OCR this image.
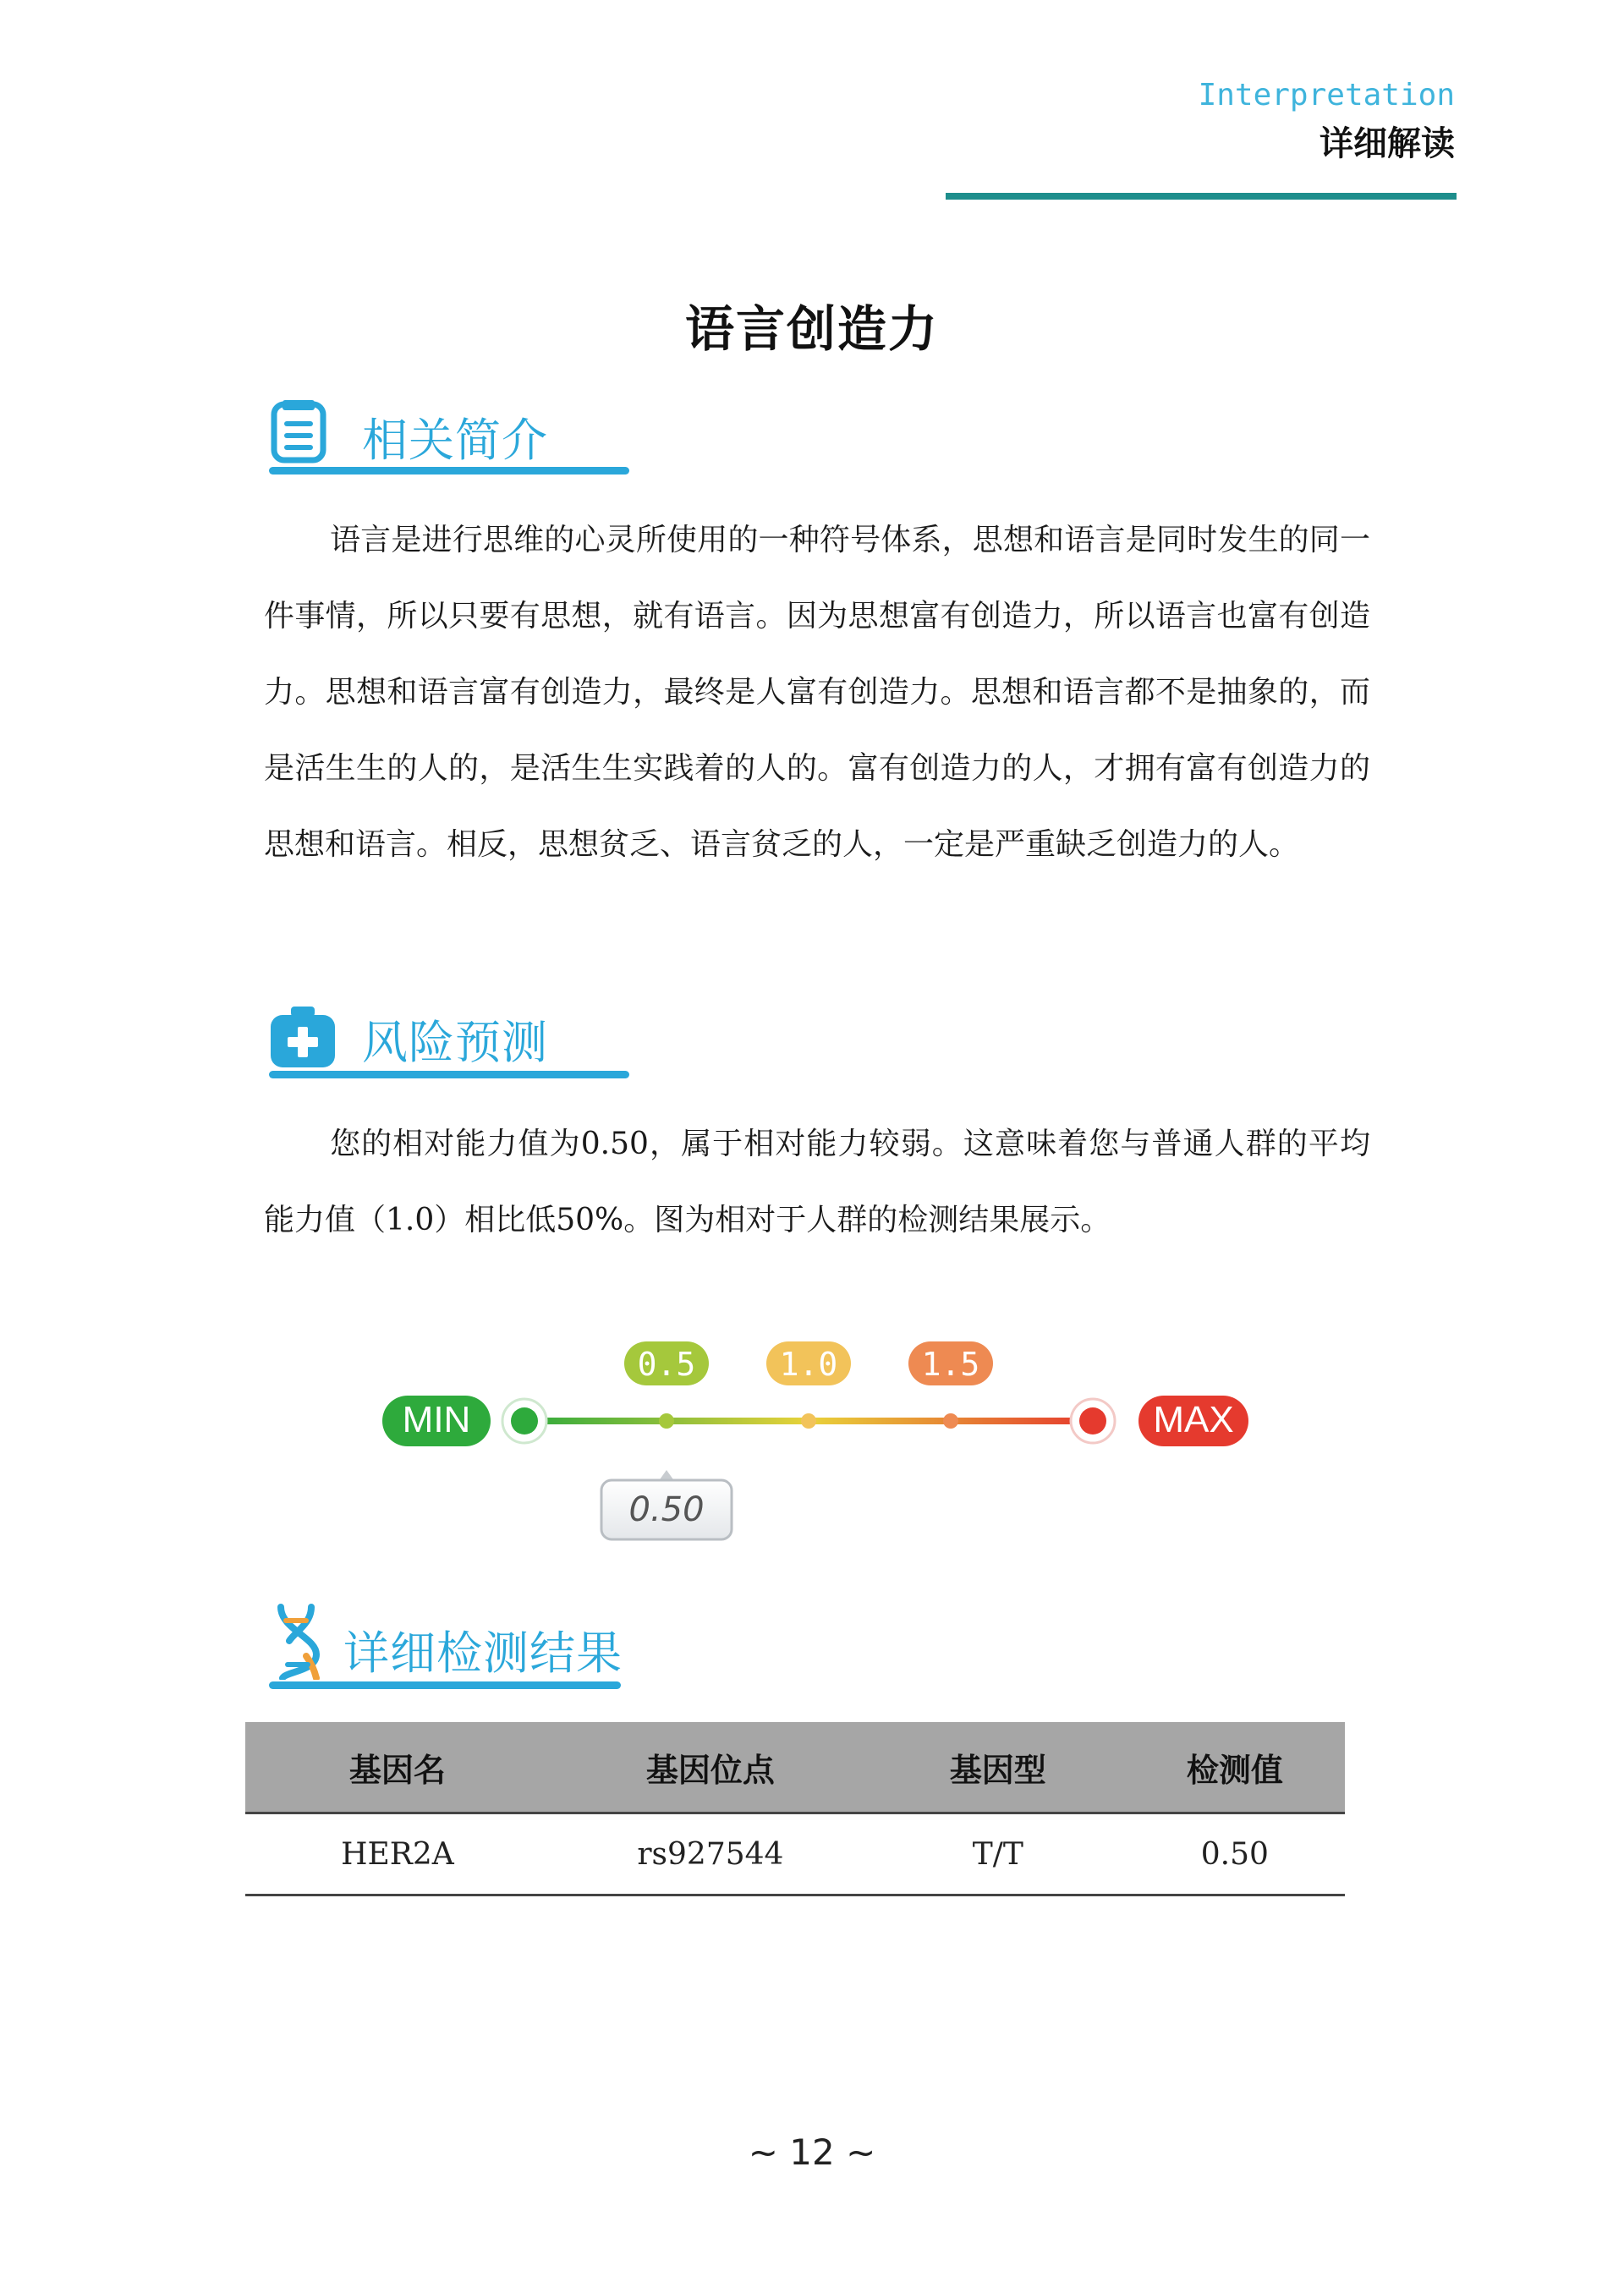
Interpretation
详细解读
语言创造力
相关简介
语言是进行思维的心灵所使用的一种符号体系，思想和语言是同时发生的同一件事情，所以只要有思想，就有语言。因为思想富有创造力，所以语言也富有创造力。思想和语言富有创造力，最终是人富有创造力。思想和语言都不是抽象的，而是活生生的人的，是活生生实践着的人的。富有创造力的人，才拥有富有创造力的思想和语言。相反，思想贫乏、语言贫乏的人，一定是严重缺乏创造力的人。
风险预测
您的相对能力值为0.50，属于相对能力较弱。这意味着您与普通人群的平均能力值（1.0）相比低50%。图为相对于人群的检测结果展示。
MIN	MAX
0.5	1.0	1.5
0.50
详细检测结果
基因名	基因位点	基因型	检测值
HER2A	rs927544	T/T	0.50
~ 12 ~
